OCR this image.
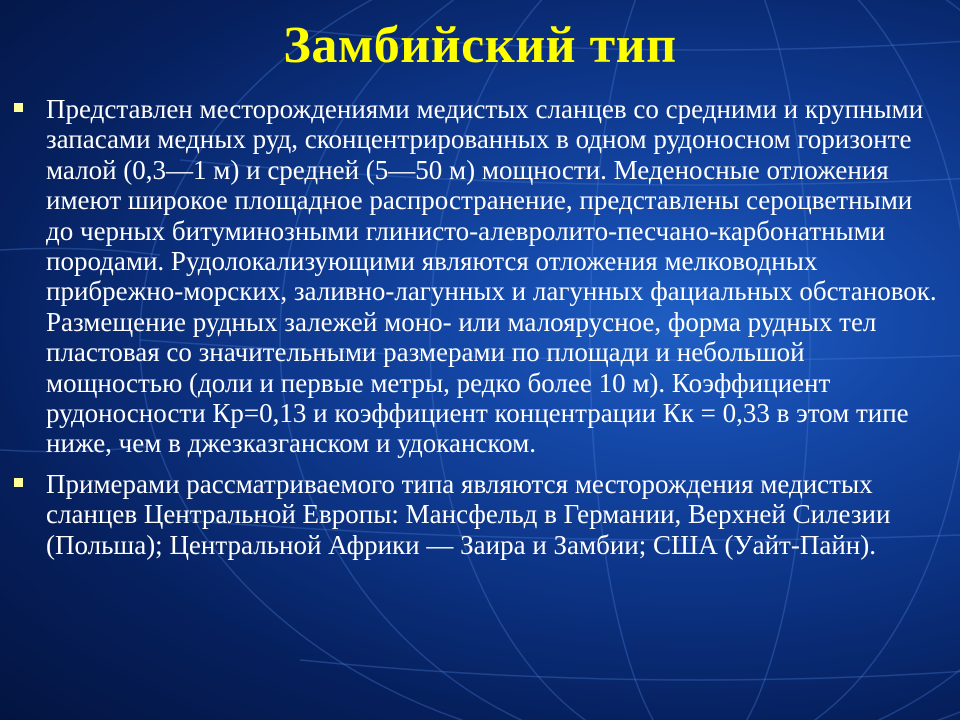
Замбийский тип
Представлен месторождениями медистых сланцев со средними и крупными запасами медных руд, сконцентрированных в одном рудоносном горизонте малой (0,3—1 м) и средней (5—50 м) мощности. Меденосные отложения имеют широкое площадное распространение, представлены сероцветными до черных битуминозными глинисто-алевролито-песчано-карбонатными породами. Рудолокализующими являются отложения мелководных прибрежно-морских, заливно-лагунных и лагунных фациальных обстановок. Размещение рудных залежей моно- или малоярусное, форма рудных тел пластовая со значительными размерами по площади и небольшой мощностью (доли и первые метры, редко более 10 м). Коэффициент рудоносности Кр=0,13 и коэффициент концентрации Кк = 0,33 в этом типе ниже, чем в джезказганском и удоканском.
Примерами рассматриваемого типа являются месторождения медистых сланцев Центральной Европы: Мансфельд в Германии, Верхней Силезии (Польша); Центральной Африки — Заира и Замбии; США (Уайт-Пайн).
